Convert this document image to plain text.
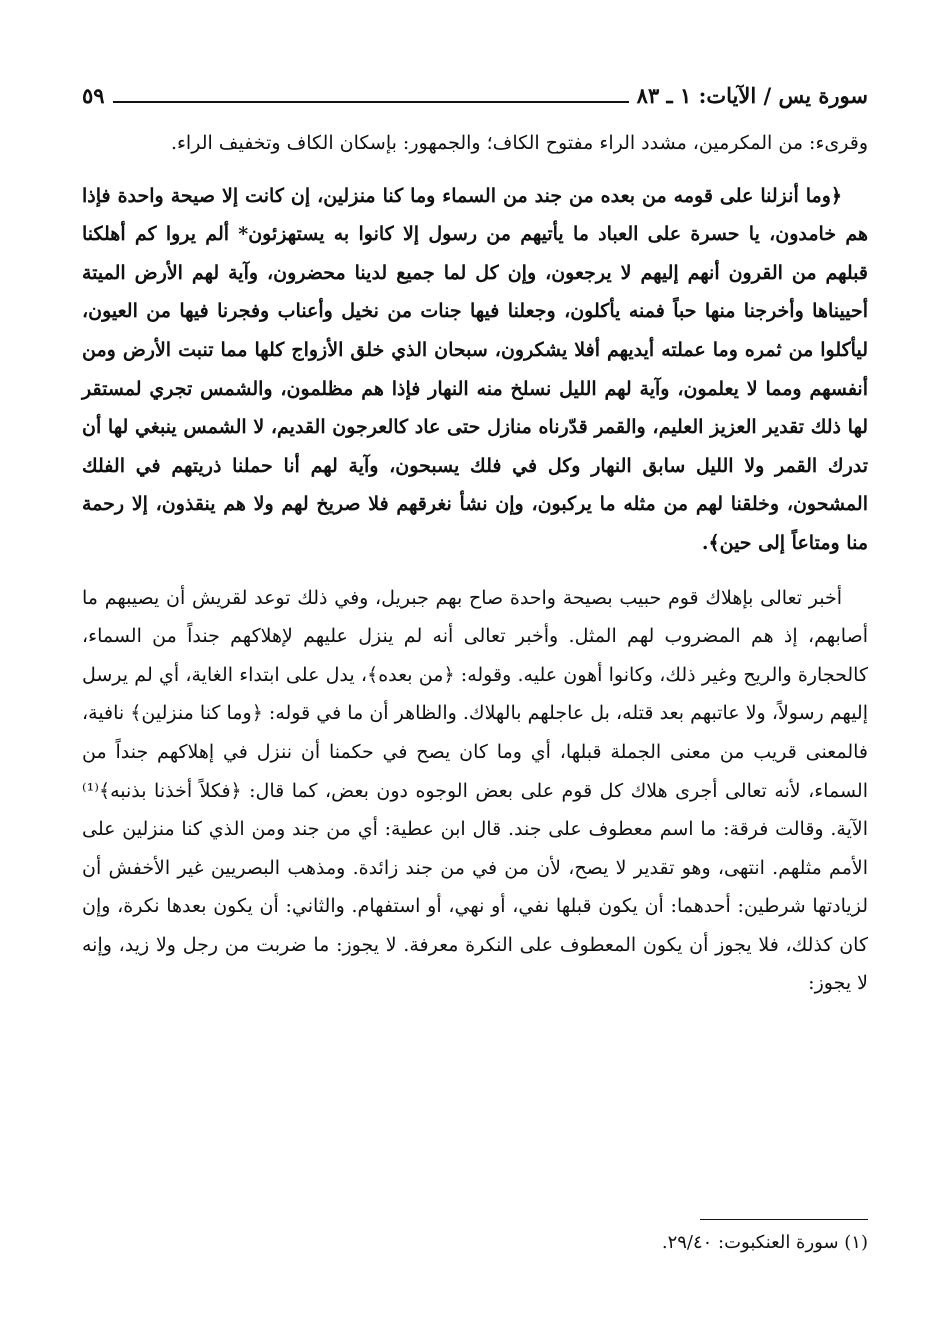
سورة يس / الآيات: ١ ـ ٨٣
٥٩

وقرىء: من المكرمين، مشدد الراء مفتوح الكاف؛ والجمهور: بإسكان الكاف وتخفيف الراء.

﴿وما أنزلنا على قومه من بعده من جند من السماء وما كنا منزلين، إن كانت إلا صيحة واحدة فإذا هم خامدون، يا حسرة على العباد ما يأتيهم من رسول إلا كانوا به يستهزئون* ألم يروا كم أهلكنا قبلهم من القرون أنهم إليهم لا يرجعون، وإن كل لما جميع لدينا محضرون، وآية لهم الأرض الميتة أحييناها وأخرجنا منها حباً فمنه يأكلون، وجعلنا فيها جنات من نخيل وأعناب وفجرنا فيها من العيون، ليأكلوا من ثمره وما عملته أيديهم أفلا يشكرون، سبحان الذي خلق الأزواج كلها مما تنبت الأرض ومن أنفسهم ومما لا يعلمون، وآية لهم الليل نسلخ منه النهار فإذا هم مظلمون، والشمس تجري لمستقر لها ذلك تقدير العزيز العليم، والقمر قدّرناه منازل حتى عاد كالعرجون القديم، لا الشمس ينبغي لها أن تدرك القمر ولا الليل سابق النهار وكل في فلك يسبحون، وآية لهم أنا حملنا ذريتهم في الفلك المشحون، وخلقنا لهم من مثله ما يركبون، وإن نشأ نغرقهم فلا صريخ لهم ولا هم ينقذون، إلا رحمة منا ومتاعاً إلى حين﴾.

أخبر تعالى بإهلاك قوم حبيب بصيحة واحدة صاح بهم جبريل، وفي ذلك توعد لقريش أن يصيبهم ما أصابهم، إذ هم المضروب لهم المثل. وأخبر تعالى أنه لم ينزل عليهم لإهلاكهم جنداً من السماء، كالحجارة والريح وغير ذلك، وكانوا أهون عليه. وقوله: ﴿من بعده﴾، يدل على ابتداء الغاية، أي لم يرسل إليهم رسولاً، ولا عاتبهم بعد قتله، بل عاجلهم بالهلاك. والظاهر أن ما في قوله: ﴿وما كنا منزلين﴾ نافية، فالمعنى قريب من معنى الجملة قبلها، أي وما كان يصح في حكمنا أن ننزل في إهلاكهم جنداً من السماء، لأنه تعالى أجرى هلاك كل قوم على بعض الوجوه دون بعض، كما قال: ﴿فكلاً أخذنا بذنبه﴾⁽¹⁾ الآية. وقالت فرقة: ما اسم معطوف على جند. قال ابن عطية: أي من جند ومن الذي كنا منزلين على الأمم مثلهم. انتهى، وهو تقدير لا يصح، لأن من في من جند زائدة. ومذهب البصريين غير الأخفش أن لزيادتها شرطين: أحدهما: أن يكون قبلها نفي، أو نهي، أو استفهام. والثاني: أن يكون بعدها نكرة، وإن كان كذلك، فلا يجوز أن يكون المعطوف على النكرة معرفة. لا يجوز: ما ضربت من رجل ولا زيد، وإنه لا يجوز:

(١) سورة العنكبوت: ٢٩/٤٠.
